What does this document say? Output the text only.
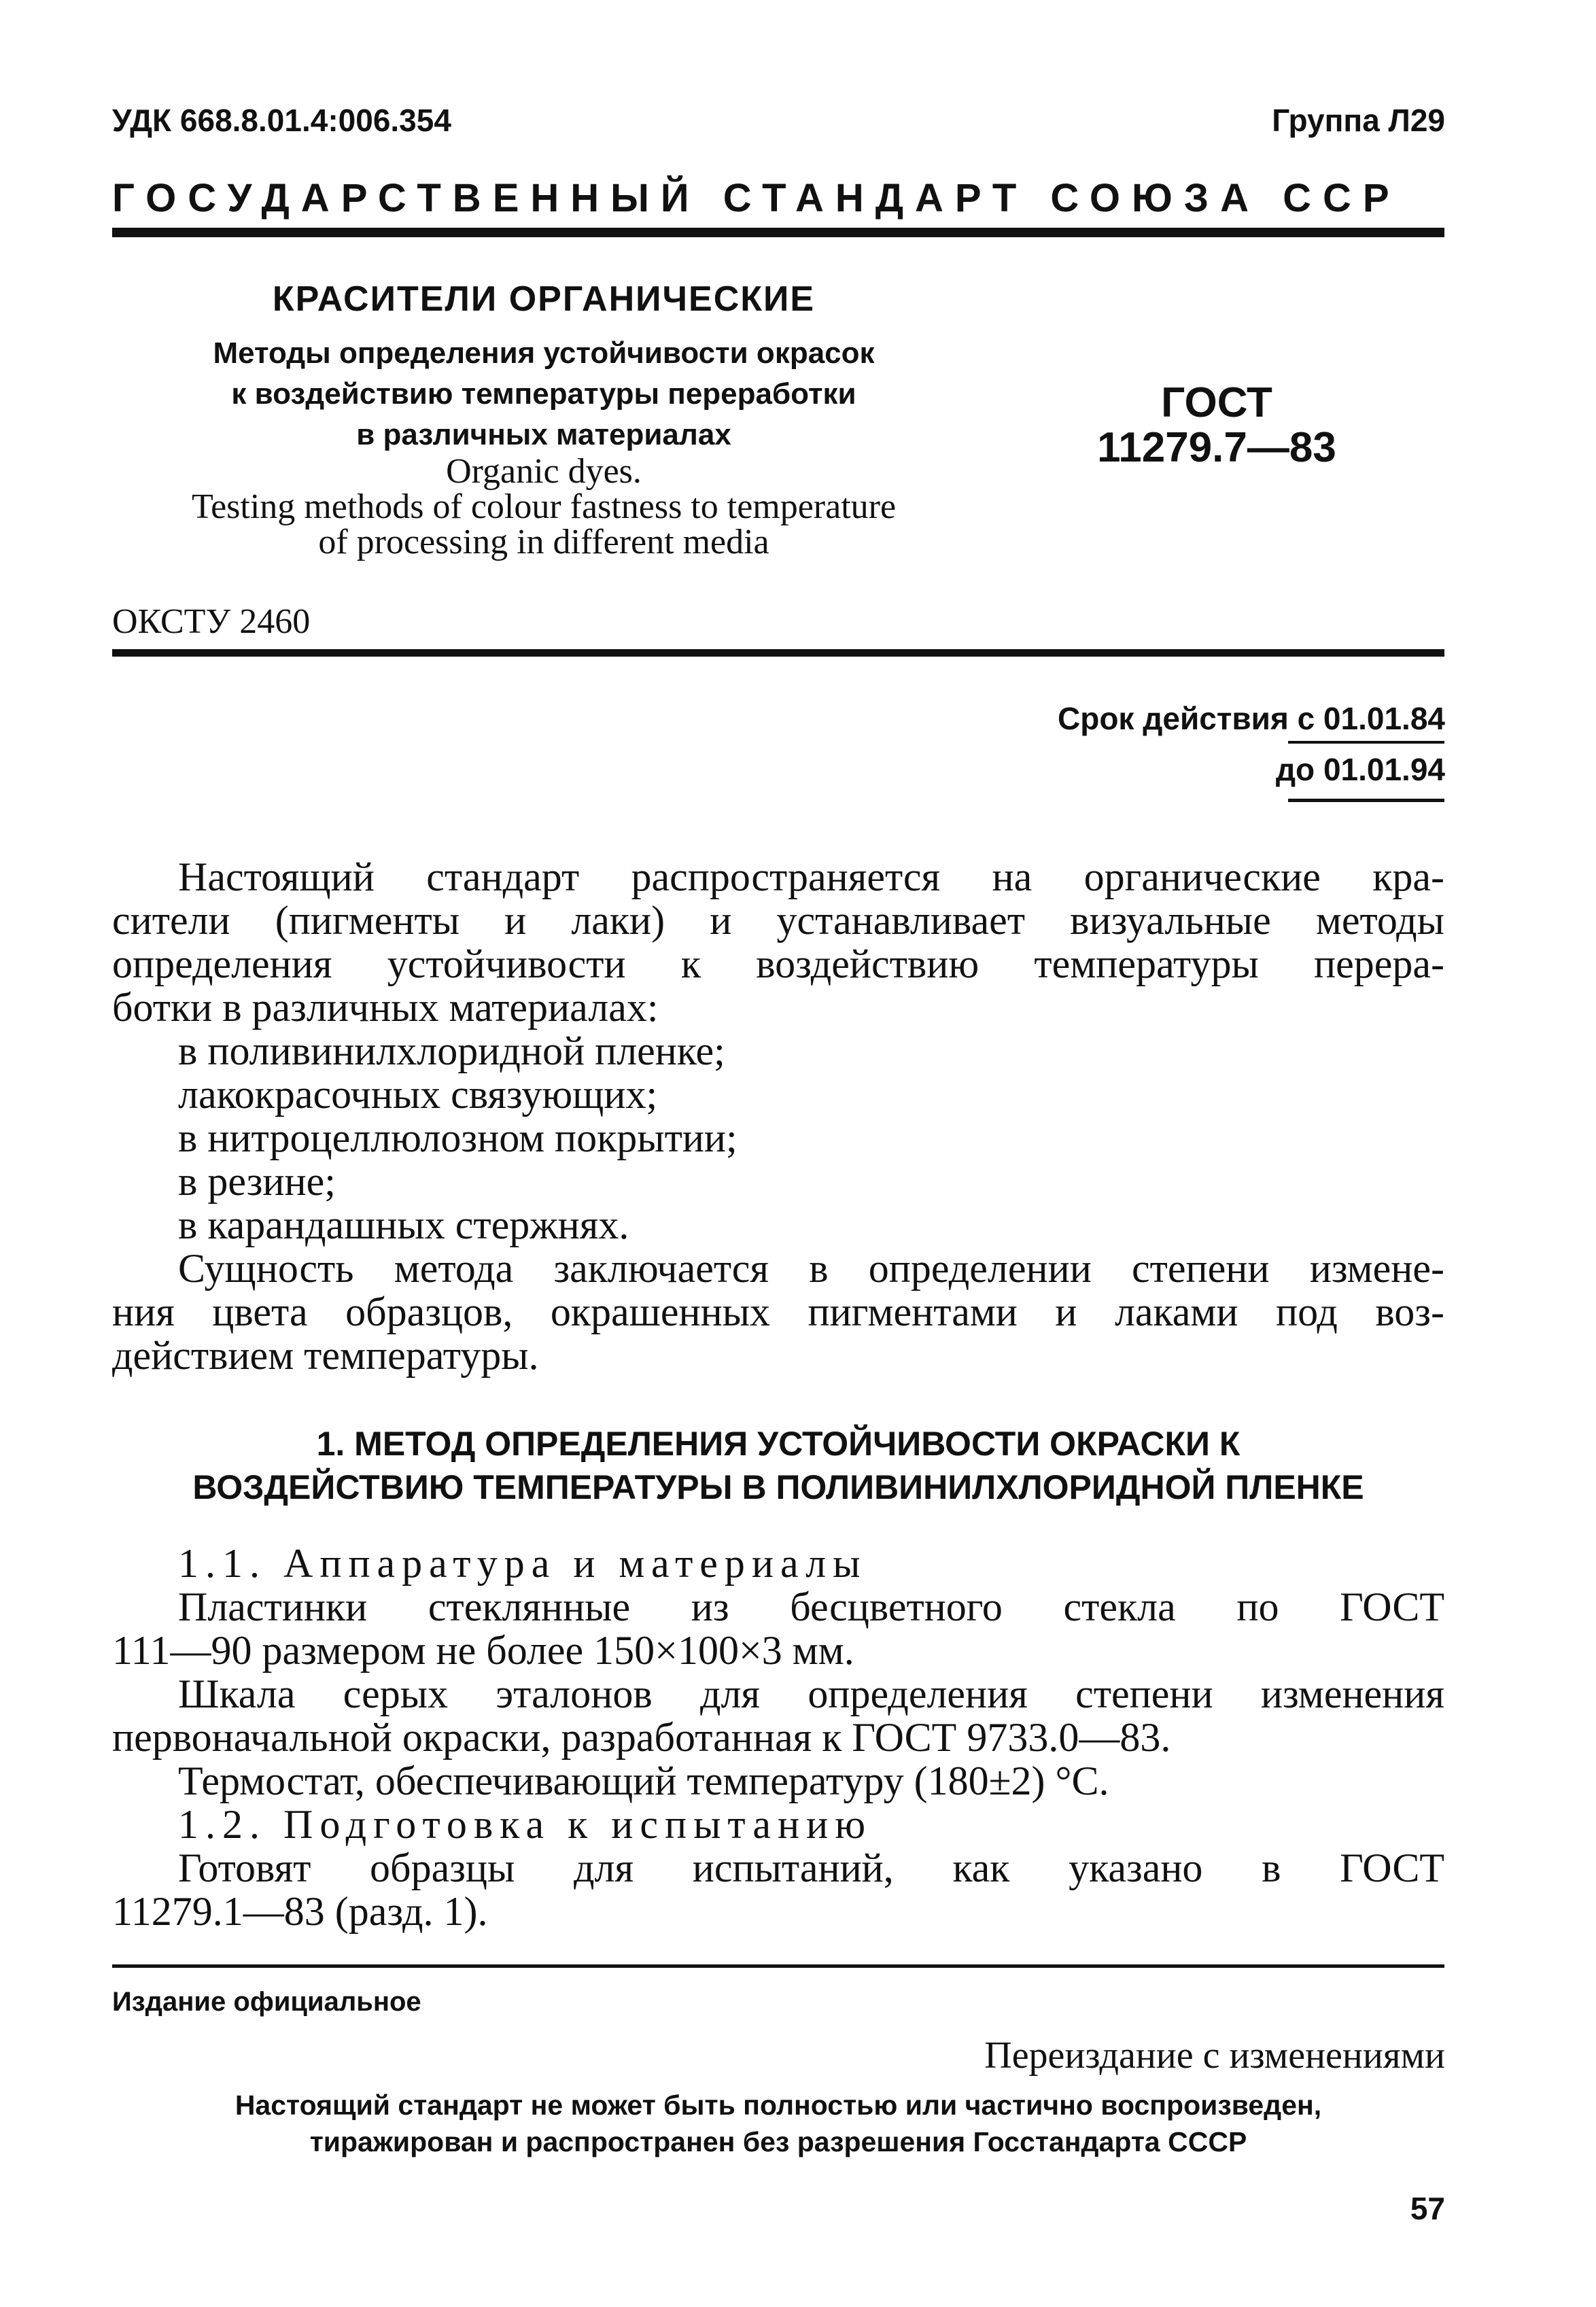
УДК 668.8.01.4:006.354	Группа Л29
ГОСУДАРСТВЕННЫЙ СТАНДАРТ СОЮЗА ССР
КРАСИТЕЛИ ОРГАНИЧЕСКИЕ
Методы определения устойчивости окрасок
к воздействию температуры переработки
в различных материалах
Organic dyes.
Testing methods of colour fastness to temperature
of processing in different media
ГОСТ
11279.7—83
ОКСТУ 2460
Срок действия с 01.01.84
до 01.01.94
Настоящий стандарт распространяется на органические кра-
сители (пигменты и лаки) и устанавливает визуальные методы
определения устойчивости к воздействию температуры перера-
ботки в различных материалах:
в поливинилхлоридной пленке;
лакокрасочных связующих;
в нитроцеллюлозном покрытии;
в резине;
в карандашных стержнях.
Сущность метода заключается в определении степени измене-
ния цвета образцов, окрашенных пигментами и лаками под воз-
действием температуры.
1. МЕТОД ОПРЕДЕЛЕНИЯ УСТОЙЧИВОСТИ ОКРАСКИ К
ВОЗДЕЙСТВИЮ ТЕМПЕРАТУРЫ В ПОЛИВИНИЛХЛОРИДНОЙ ПЛЕНКЕ
1.1. Аппаратура и материалы
Пластинки стеклянные из бесцветного стекла по ГОСТ
111—90 размером не более 150×100×3 мм.
Шкала серых эталонов для определения степени изменения
первоначальной окраски, разработанная к ГОСТ 9733.0—83.
Термостат, обеспечивающий температуру (180±2) °С.
1.2. Подготовка к испытанию
Готовят образцы для испытаний, как указано в ГОСТ
11279.1—83 (разд. 1).
Издание официальное
Переиздание с изменениями
Настоящий стандарт не может быть полностью или частично воспроизведен,
тиражирован и распространен без разрешения Госстандарта СССР
57
